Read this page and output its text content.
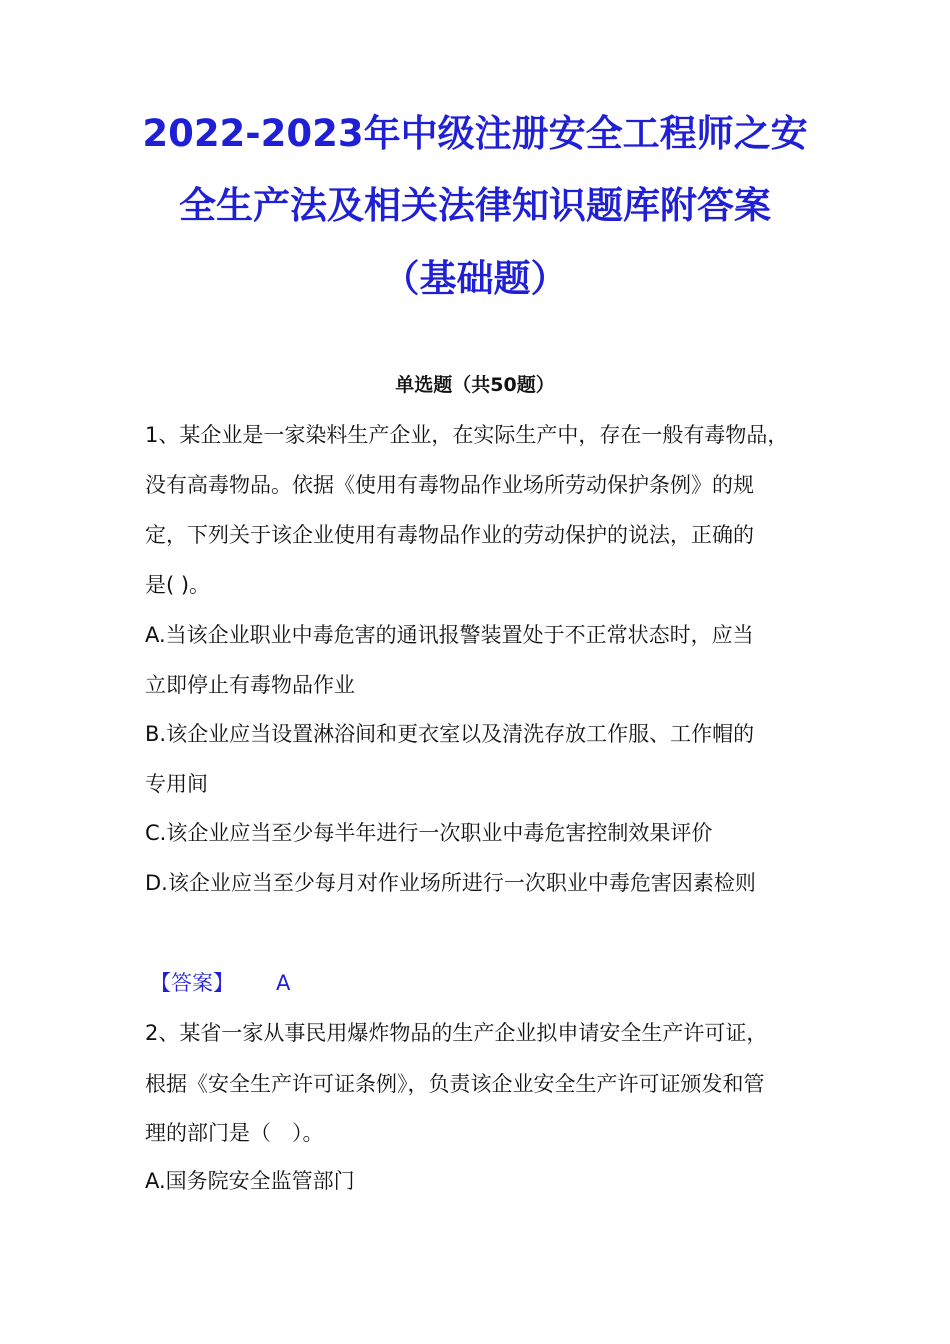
2022-2023年中级注册安全工程师之安
全生产法及相关法律知识题库附答案
（基础题）
单选题（共50题）
1、某企业是一家染料生产企业，在实际生产中，存在一般有毒物品，
没有高毒物品。依据《使用有毒物品作业场所劳动保护条例》的规
定，下列关于该企业使用有毒物品作业的劳动保护的说法，正确的
是( )。
A.当该企业职业中毒危害的通讯报警装置处于不正常状态时，应当
立即停止有毒物品作业
B.该企业应当设置淋浴间和更衣室以及清洗存放工作服、工作帽的
专用间
C.该企业应当至少每半年进行一次职业中毒危害控制效果评价
D.该企业应当至少每月对作业场所进行一次职业中毒危害因素检则
【答案】 A
2、某省一家从事民用爆炸物品的生产企业拟申请安全生产许可证，
根据《安全生产许可证条例》，负责该企业安全生产许可证颁发和管
理的部门是（　）。
A.国务院安全监管部门
